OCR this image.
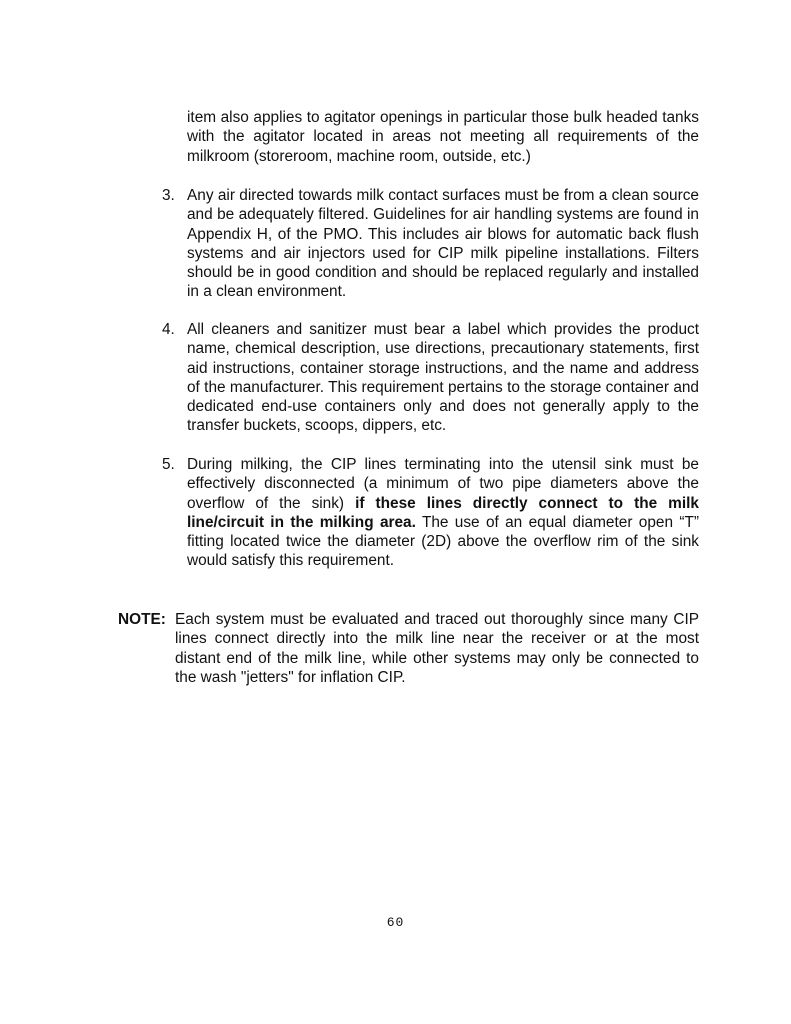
item also applies to agitator openings in particular those bulk headed tanks with the agitator located in areas not meeting all requirements of the milkroom (storeroom, machine room, outside, etc.)

3. Any air directed towards milk contact surfaces must be from a clean source and be adequately filtered. Guidelines for air handling systems are found in Appendix H, of the PMO. This includes air blows for automatic back flush systems and air injectors used for CIP milk pipeline installations. Filters should be in good condition and should be replaced regularly and installed in a clean environment.

4. All cleaners and sanitizer must bear a label which provides the product name, chemical description, use directions, precautionary statements, first aid instructions, container storage instructions, and the name and address of the manufacturer. This requirement pertains to the storage container and dedicated end-use containers only and does not generally apply to the transfer buckets, scoops, dippers, etc.

5. During milking, the CIP lines terminating into the utensil sink must be effectively disconnected (a minimum of two pipe diameters above the overflow of the sink) if these lines directly connect to the milk line/circuit in the milking area. The use of an equal diameter open “T” fitting located twice the diameter (2D) above the overflow rim of the sink would satisfy this requirement.

NOTE: Each system must be evaluated and traced out thoroughly since many CIP lines connect directly into the milk line near the receiver or at the most distant end of the milk line, while other systems may only be connected to the wash "jetters" for inflation CIP.

60
